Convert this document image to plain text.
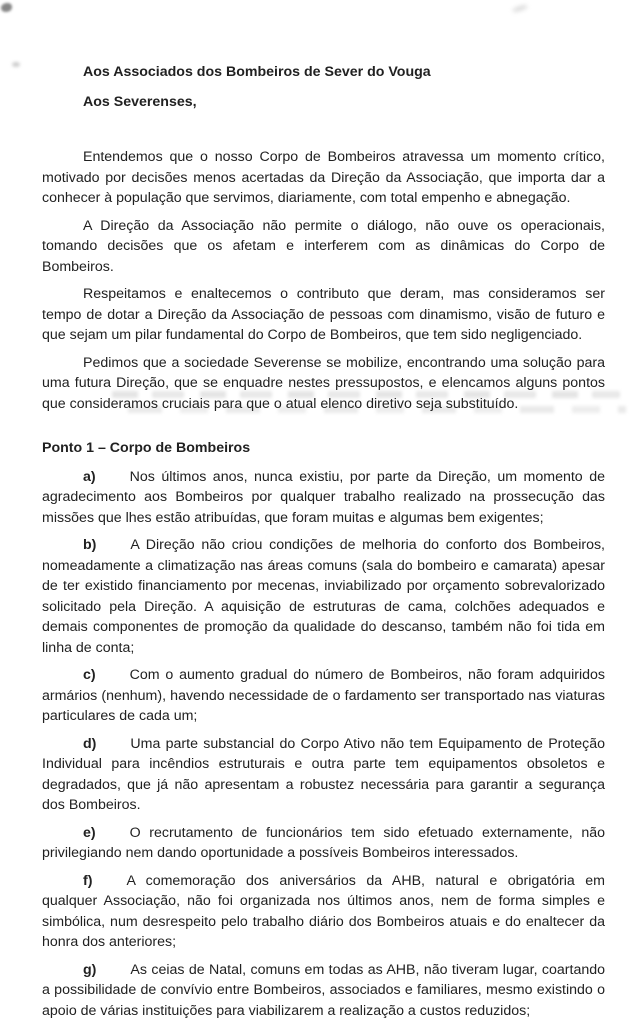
Aos Associados dos Bombeiros de Sever do Vouga

Aos Severenses,

Entendemos que o nosso Corpo de Bombeiros atravessa um momento crítico, motivado por decisões menos acertadas da Direção da Associação, que importa dar a conhecer à população que servimos, diariamente, com total empenho e abnegação.

A Direção da Associação não permite o diálogo, não ouve os operacionais, tomando decisões que os afetam e interferem com as dinâmicas do Corpo de Bombeiros.

Respeitamos e enaltecemos o contributo que deram, mas consideramos ser tempo de dotar a Direção da Associação de pessoas com dinamismo, visão de futuro e que sejam um pilar fundamental do Corpo de Bombeiros, que tem sido negligenciado.

Pedimos que a sociedade Severense se mobilize, encontrando uma solução para uma futura Direção, que se enquadre nestes pressupostos, e elencamos alguns pontos que consideramos cruciais para que o atual elenco diretivo seja substituído.

Ponto 1 – Corpo de Bombeiros

a) Nos últimos anos, nunca existiu, por parte da Direção, um momento de agradecimento aos Bombeiros por qualquer trabalho realizado na prossecução das missões que lhes estão atribuídas, que foram muitas e algumas bem exigentes;

b) A Direção não criou condições de melhoria do conforto dos Bombeiros, nomeadamente a climatização nas áreas comuns (sala do bombeiro e camarata) apesar de ter existido financiamento por mecenas, inviabilizado por orçamento sobrevalorizado solicitado pela Direção. A aquisição de estruturas de cama, colchões adequados e demais componentes de promoção da qualidade do descanso, também não foi tida em linha de conta;

c) Com o aumento gradual do número de Bombeiros, não foram adquiridos armários (nenhum), havendo necessidade de o fardamento ser transportado nas viaturas particulares de cada um;

d) Uma parte substancial do Corpo Ativo não tem Equipamento de Proteção Individual para incêndios estruturais e outra parte tem equipamentos obsoletos e degradados, que já não apresentam a robustez necessária para garantir a segurança dos Bombeiros.

e) O recrutamento de funcionários tem sido efetuado externamente, não privilegiando nem dando oportunidade a possíveis Bombeiros interessados.

f) A comemoração dos aniversários da AHB, natural e obrigatória em qualquer Associação, não foi organizada nos últimos anos, nem de forma simples e simbólica, num desrespeito pelo trabalho diário dos Bombeiros atuais e do enaltecer da honra dos anteriores;

g) As ceias de Natal, comuns em todas as AHB, não tiveram lugar, coartando a possibilidade de convívio entre Bombeiros, associados e familiares, mesmo existindo o apoio de várias instituições para viabilizarem a realização a custos reduzidos;
